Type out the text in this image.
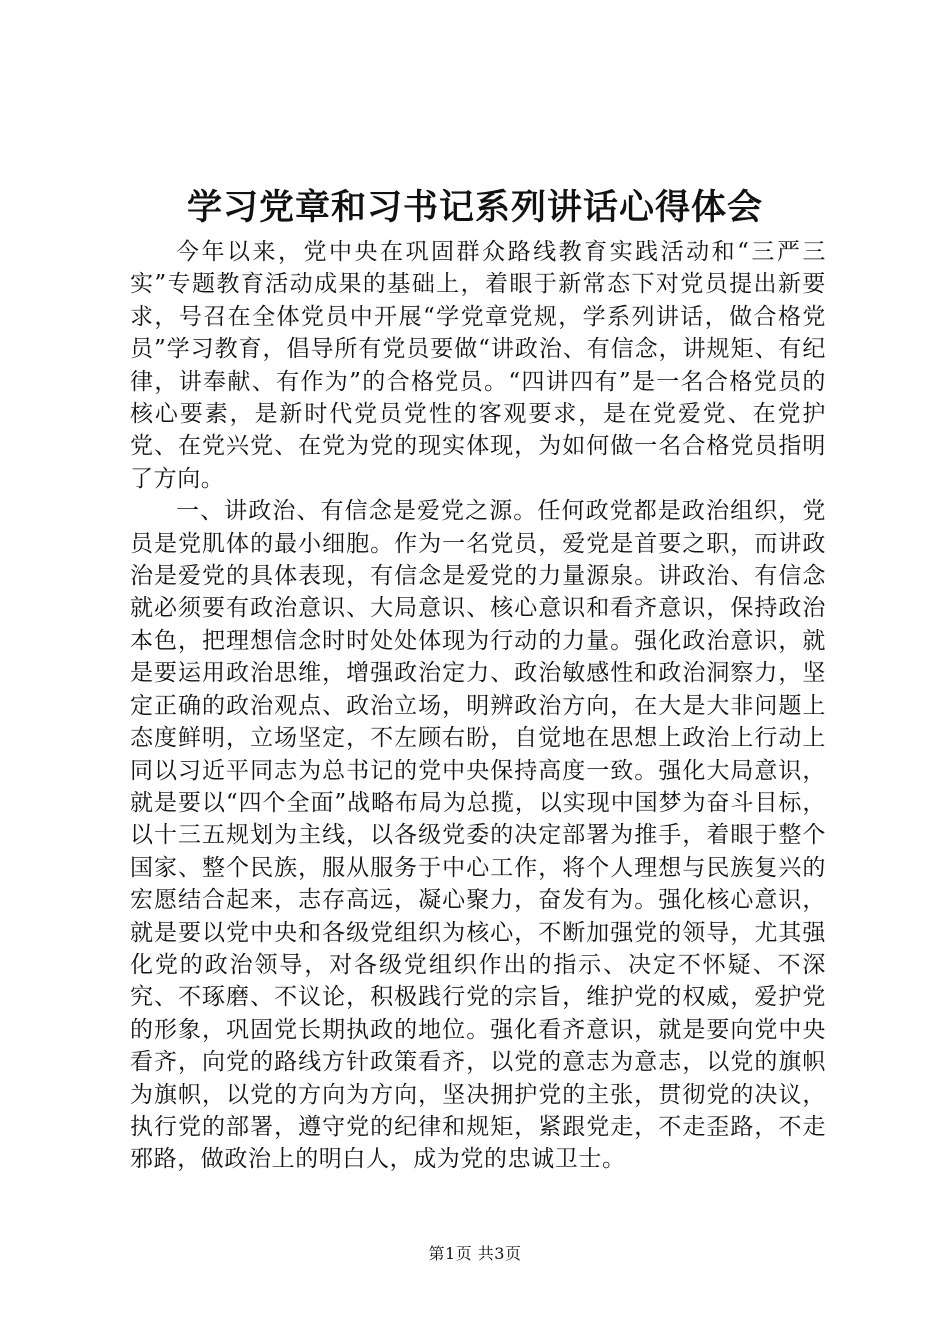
学习党章和习书记系列讲话心得体会

今年以来，党中央在巩固群众路线教育实践活动和“三严三实”专题教育活动成果的基础上，着眼于新常态下对党员提出新要求，号召在全体党员中开展“学党章党规，学系列讲话，做合格党员”学习教育，倡导所有党员要做“讲政治、有信念，讲规矩、有纪律，讲奉献、有作为”的合格党员。“四讲四有”是一名合格党员的核心要素，是新时代党员党性的客观要求，是在党爱党、在党护党、在党兴党、在党为党的现实体现，为如何做一名合格党员指明了方向。

一、讲政治、有信念是爱党之源。任何政党都是政治组织，党员是党肌体的最小细胞。作为一名党员，爱党是首要之职，而讲政治是爱党的具体表现，有信念是爱党的力量源泉。讲政治、有信念就必须要有政治意识、大局意识、核心意识和看齐意识，保持政治本色，把理想信念时时处处体现为行动的力量。强化政治意识，就是要运用政治思维，增强政治定力、政治敏感性和政治洞察力，坚定正确的政治观点、政治立场，明辨政治方向，在大是大非问题上态度鲜明，立场坚定，不左顾右盼，自觉地在思想上政治上行动上同以习近平同志为总书记的党中央保持高度一致。强化大局意识，就是要以“四个全面”战略布局为总揽，以实现中国梦为奋斗目标，以十三五规划为主线，以各级党委的决定部署为推手，着眼于整个国家、整个民族，服从服务于中心工作，将个人理想与民族复兴的宏愿结合起来，志存高远，凝心聚力，奋发有为。强化核心意识，就是要以党中央和各级党组织为核心，不断加强党的领导，尤其强化党的政治领导，对各级党组织作出的指示、决定不怀疑、不深究、不琢磨、不议论，积极践行党的宗旨，维护党的权威，爱护党的形象，巩固党长期执政的地位。强化看齐意识，就是要向党中央看齐，向党的路线方针政策看齐，以党的意志为意志，以党的旗帜为旗帜，以党的方向为方向，坚决拥护党的主张，贯彻党的决议，执行党的部署，遵守党的纪律和规矩，紧跟党走，不走歪路，不走邪路，做政治上的明白人，成为党的忠诚卫士。

第1页 共3页
